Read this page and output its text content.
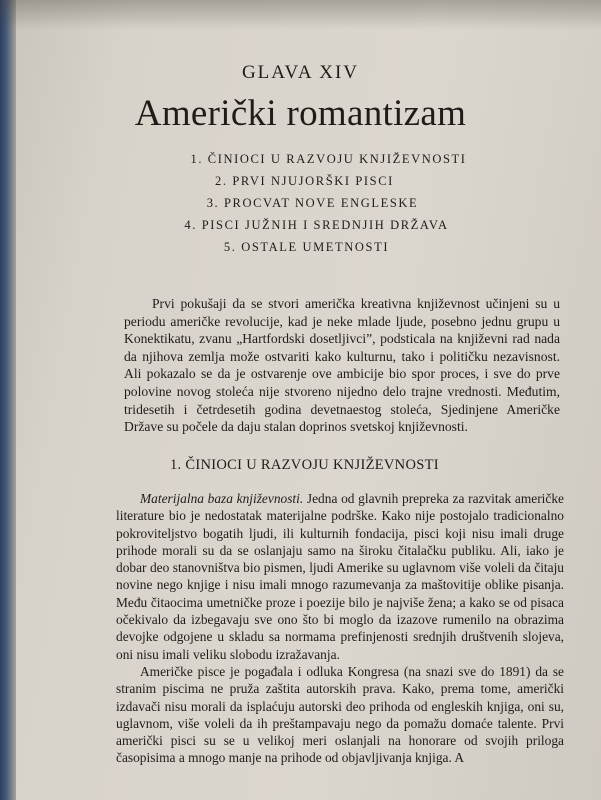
GLAVA XIV
Američki romantizam
1. ČINIOCI U RAZVOJU KNJIŽEVNOSTI
2. PRVI NJUJORŠKI PISCI
3. PROCVAT NOVE ENGLESKE
4. PISCI JUŽNIH I SREDNJIH DRŽAVA
5. OSTALE UMETNOSTI

Prvi pokušaji da se stvori američka kreativna književnost učinjeni su u periodu američke revolucije, kad je neke mlade ljude, posebno jednu grupu u Konektikatu, zvanu „Hartfordski dosetljivci”, podsticala na književni rad nada da njihova zemlja može ostvariti kako kulturnu, tako i političku nezavisnost. Ali pokazalo se da je ostvarenje ove ambicije bio spor proces, i sve do prve polovine novog stoleća nije stvoreno nijedno delo trajne vrednosti. Međutim, tridesetih i četrdesetih godina devetnaestog stoleća, Sjedinjene Američke Države su počele da daju stalan doprinos svetskoj književnosti.

1. ČINIOCI U RAZVOJU KNJIŽEVNOSTI

Materijalna baza književnosti. Jedna od glavnih prepreka za razvitak američke literature bio je nedostatak materijalne podrške. Kako nije postojalo tradicionalno pokroviteljstvo bogatih ljudi, ili kulturnih fondacija, pisci koji nisu imali druge prihode morali su da se oslanjaju samo na široku čitalačku publiku. Ali, iako je dobar deo stanovništva bio pismen, ljudi Amerike su uglavnom više voleli da čitaju novine nego knjige i nisu imali mnogo razumevanja za maštovitije oblike pisanja. Među čitaocima umetničke proze i poezije bilo je najviše žena; a kako se od pisaca očekivalo da izbegavaju sve ono što bi moglo da izazove rumenilo na obrazima devojke odgojene u skladu sa normama prefinjenosti srednjih društvenih slojeva, oni nisu imali veliku slobodu izražavanja.

Američke pisce je pogađala i odluka Kongresa (na snazi sve do 1891) da se stranim piscima ne pruža zaštita autorskih prava. Kako, prema tome, američki izdavači nisu morali da isplaćuju autorski deo prihoda od engleskih knjiga, oni su, uglavnom, više voleli da ih preštampavaju nego da pomažu domaće talente. Prvi američki pisci su se u velikoj meri oslanjali na honorare od svojih priloga časopisima a mnogo manje na prihode od objavljivanja knjiga. A
